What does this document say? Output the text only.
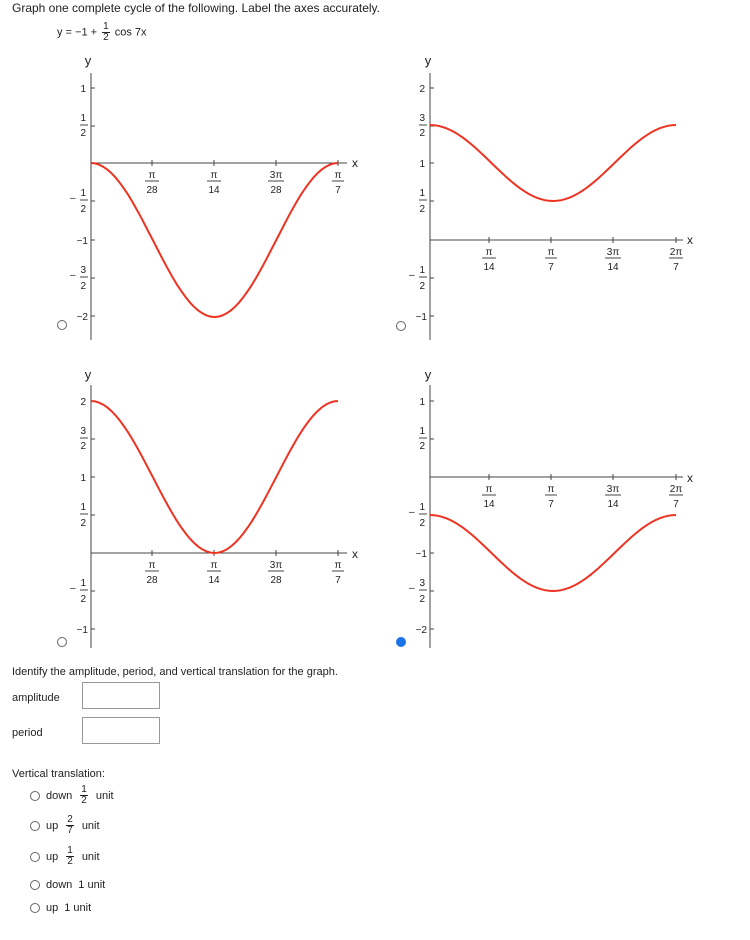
Graph one complete cycle of the following. Label the axes accurately.
$y = -1 + \frac{1}{2}$ cos 7x
y
x
1
1
2
– 1
2
−1
– 3
2
−2
π
28
π
14
3π
28
π
7
y
x
2
3
2
1
1
2
– 1
2
−1
π
14
π
7
3π
14
2π
7
y
x
2
3
2
1
1
2
– 1
2
−1
π
28
π
14
3π
28
π
7
y
x
1
1
2
– 1
2
−1
– 3
2
−2
π
14
π
7
3π
14
2π
7
Identify the amplitude, period, and vertical translation for the graph.
amplitude
period
Vertical translation:
down $\frac{1}{2}$ unit
up $\frac{2}{7}$ unit
up $\frac{1}{2}$ unit
down 1 unit
up 1 unit
